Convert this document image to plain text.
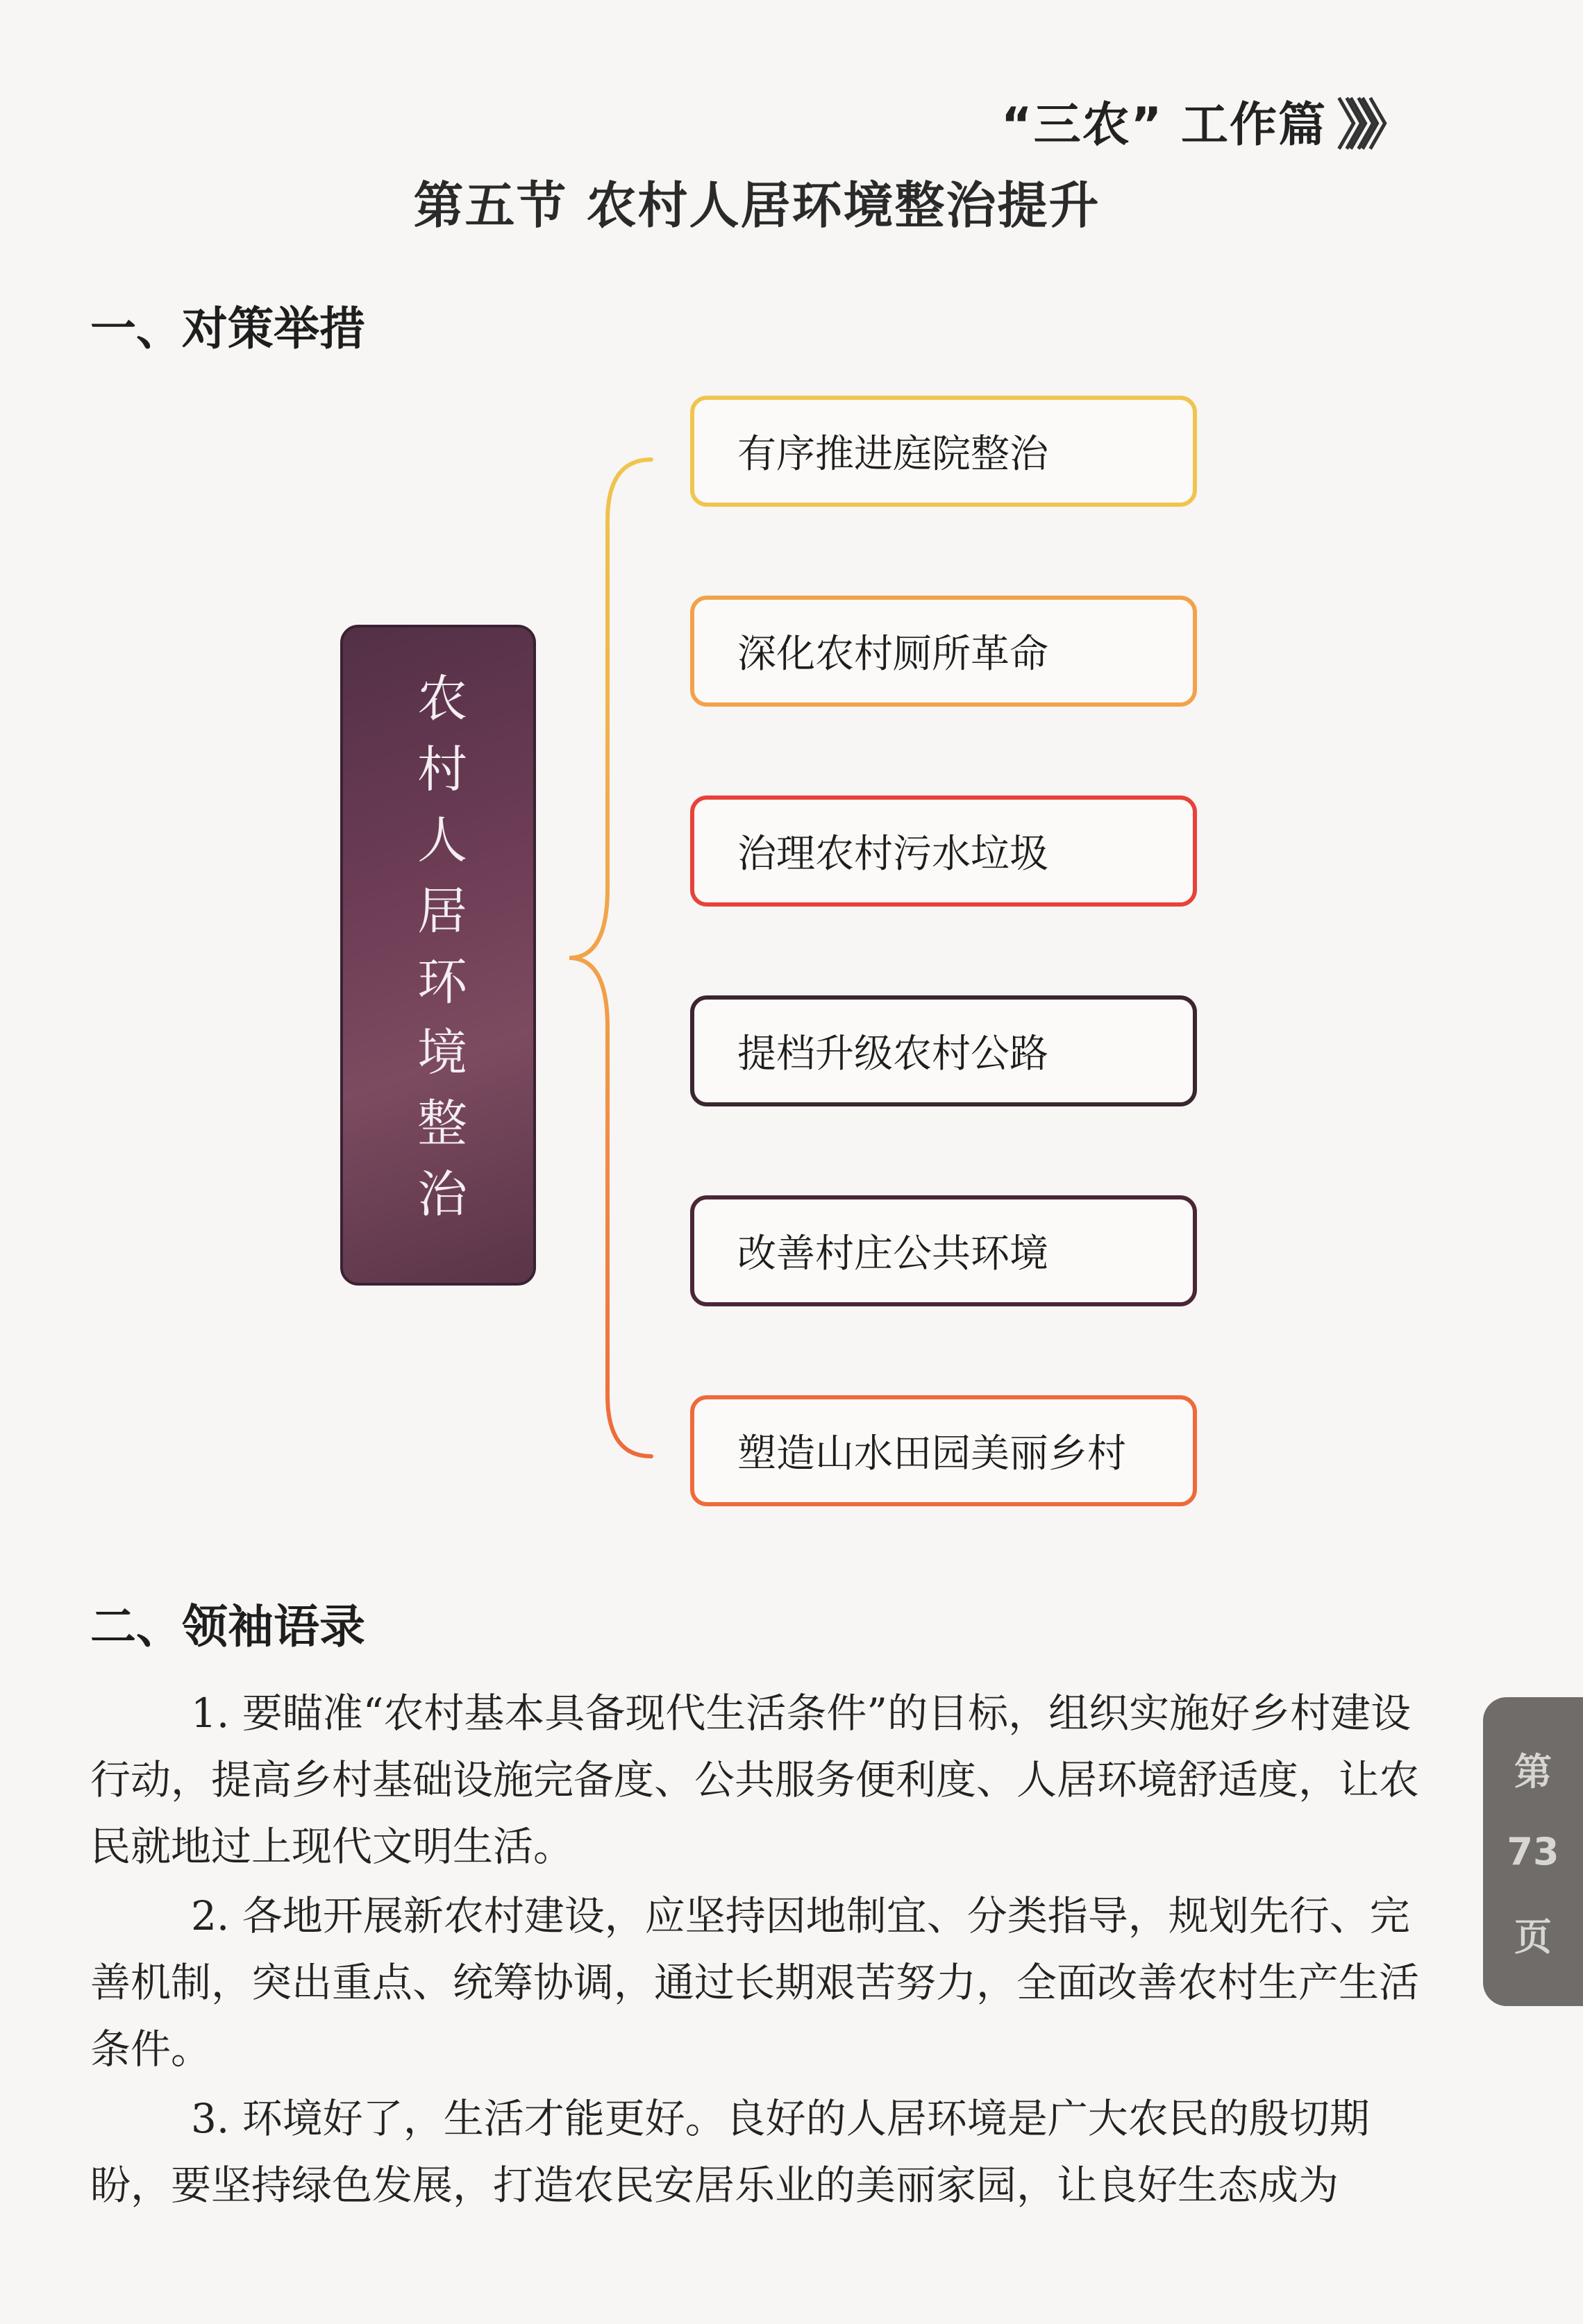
“三农” 工作篇 》》》
第五节 农村人居环境整治提升
一、对策举措
农村人居环境整治
有序推进庭院整治
深化农村厕所革命
治理农村污水垃圾
提档升级农村公路
改善村庄公共环境
塑造山水田园美丽乡村
二、领袖语录
1. 要瞄准“农村基本具备现代生活条件”的目标，组织实施好乡村建设行动，提高乡村基础设施完备度、公共服务便利度、人居环境舒适度，让农民就地过上现代文明生活。
2. 各地开展新农村建设，应坚持因地制宜、分类指导，规划先行、完善机制，突出重点、统筹协调，通过长期艰苦努力，全面改善农村生产生活条件。
3. 环境好了，生活才能更好。良好的人居环境是广大农民的殷切期盼，要坚持绿色发展，打造农民安居乐业的美丽家园，让良好生态成为
第
73
页
